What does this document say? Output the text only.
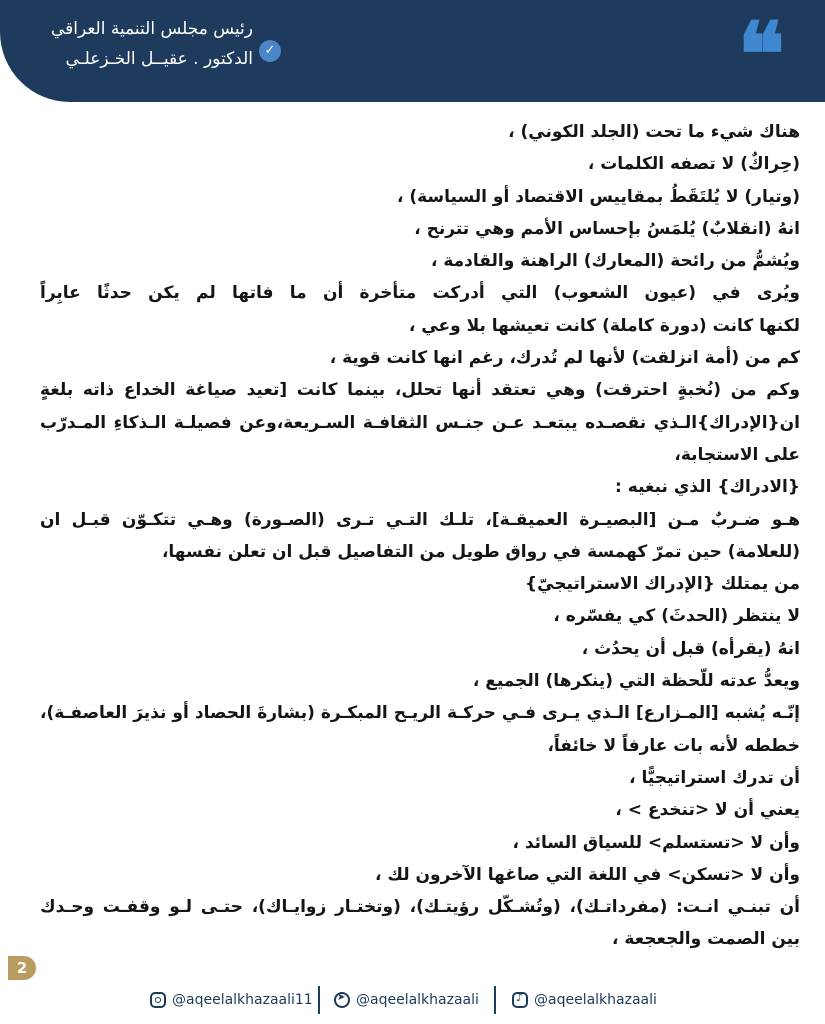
❝
✓
رئيس مجلس التنمية العراقي
الدكتور . عقيــل الخـزعلـي
هناك شيء ما تحت (الجلد الكوني) ،
(حِراكٌ) لا تصفه الكلمات ،
(وتيار) لا يُلتَقَطُ بمقاييس الاقتصاد أو السياسة) ،
انهُ (انقلابٌ) يُلمَسُ بإحساس الأمم وهي تترنح ،
ويُشمُّ من رائحة (المعارك) الراهنة والقادمة ،
ويُرى في (عيون الشعوب) التي أدركت متأخرة أن ما فاتها لم يكن حدثًا عابِراً
لكنها كانت (دورة كاملة) كانت تعيشها بلا وعي ،
كم من (أمة انزلقت) لأنها لم تُدرك، رغم انها كانت قوية ،
وكم من (نُخبةٍ احترقت) وهي تعتقد أنها تحلل، بينما كانت [تعيد صياغة الخداع ذاته بلغةٍ
ان{الإدراك}الـذي نقصـده يبتعـد عـن جنـس الثقافـة السـريعة،وعن فصيلـة الـذكاءِ المـدرّب
على الاستجابة،
{الادراك} الذي نبغيه :
هـو ضـربٌ مـن [البصيـرة العميقـة]، تلـك التـي تـرى (الصـورة) وهـي تتكـوّن قبـل ان
(للعلامة) حين تمرّ كهمسة في رواق طويل من التفاصيل قبل ان تعلن نفسها،
من يمتلك {الإدراك الاستراتيجيّ}
لا ينتظر (الحدثَ) كي يفسّره ،
انهُ (يقرأه) قبل أن يحدُث ،
ويعدُّ عدته للّحظة التي (ينكرها) الجميع ،
إنّـه يُشبه [المـزارع] الـذي يـرى فـي حركـة الريـح المبكـرة (بشارةَ الحصاد أو نذيرَ العاصفـة)،
خططه لأنه بات عارفاً لا خائفاً،
أن تدرك استراتيجيًّا ،
يعني أن لا <تنخدع > ،
وأن لا <تستسلم> للسياق السائد ،
وأن لا <تسكن> في اللغة التي صاغها الآخرون لك ،
أن تبنـي انـت: (مفرداتـك)، (وتُشـكّل رؤيتـك)، (وتختـار زوايـاك)، حتـى لـو وقفـت وحـدك
بين الصمت والجعجعة ،
2
@aqeelalkhazaali11 ➤	@aqeelalkhazaali ♪	@aqeelalkhazaali
